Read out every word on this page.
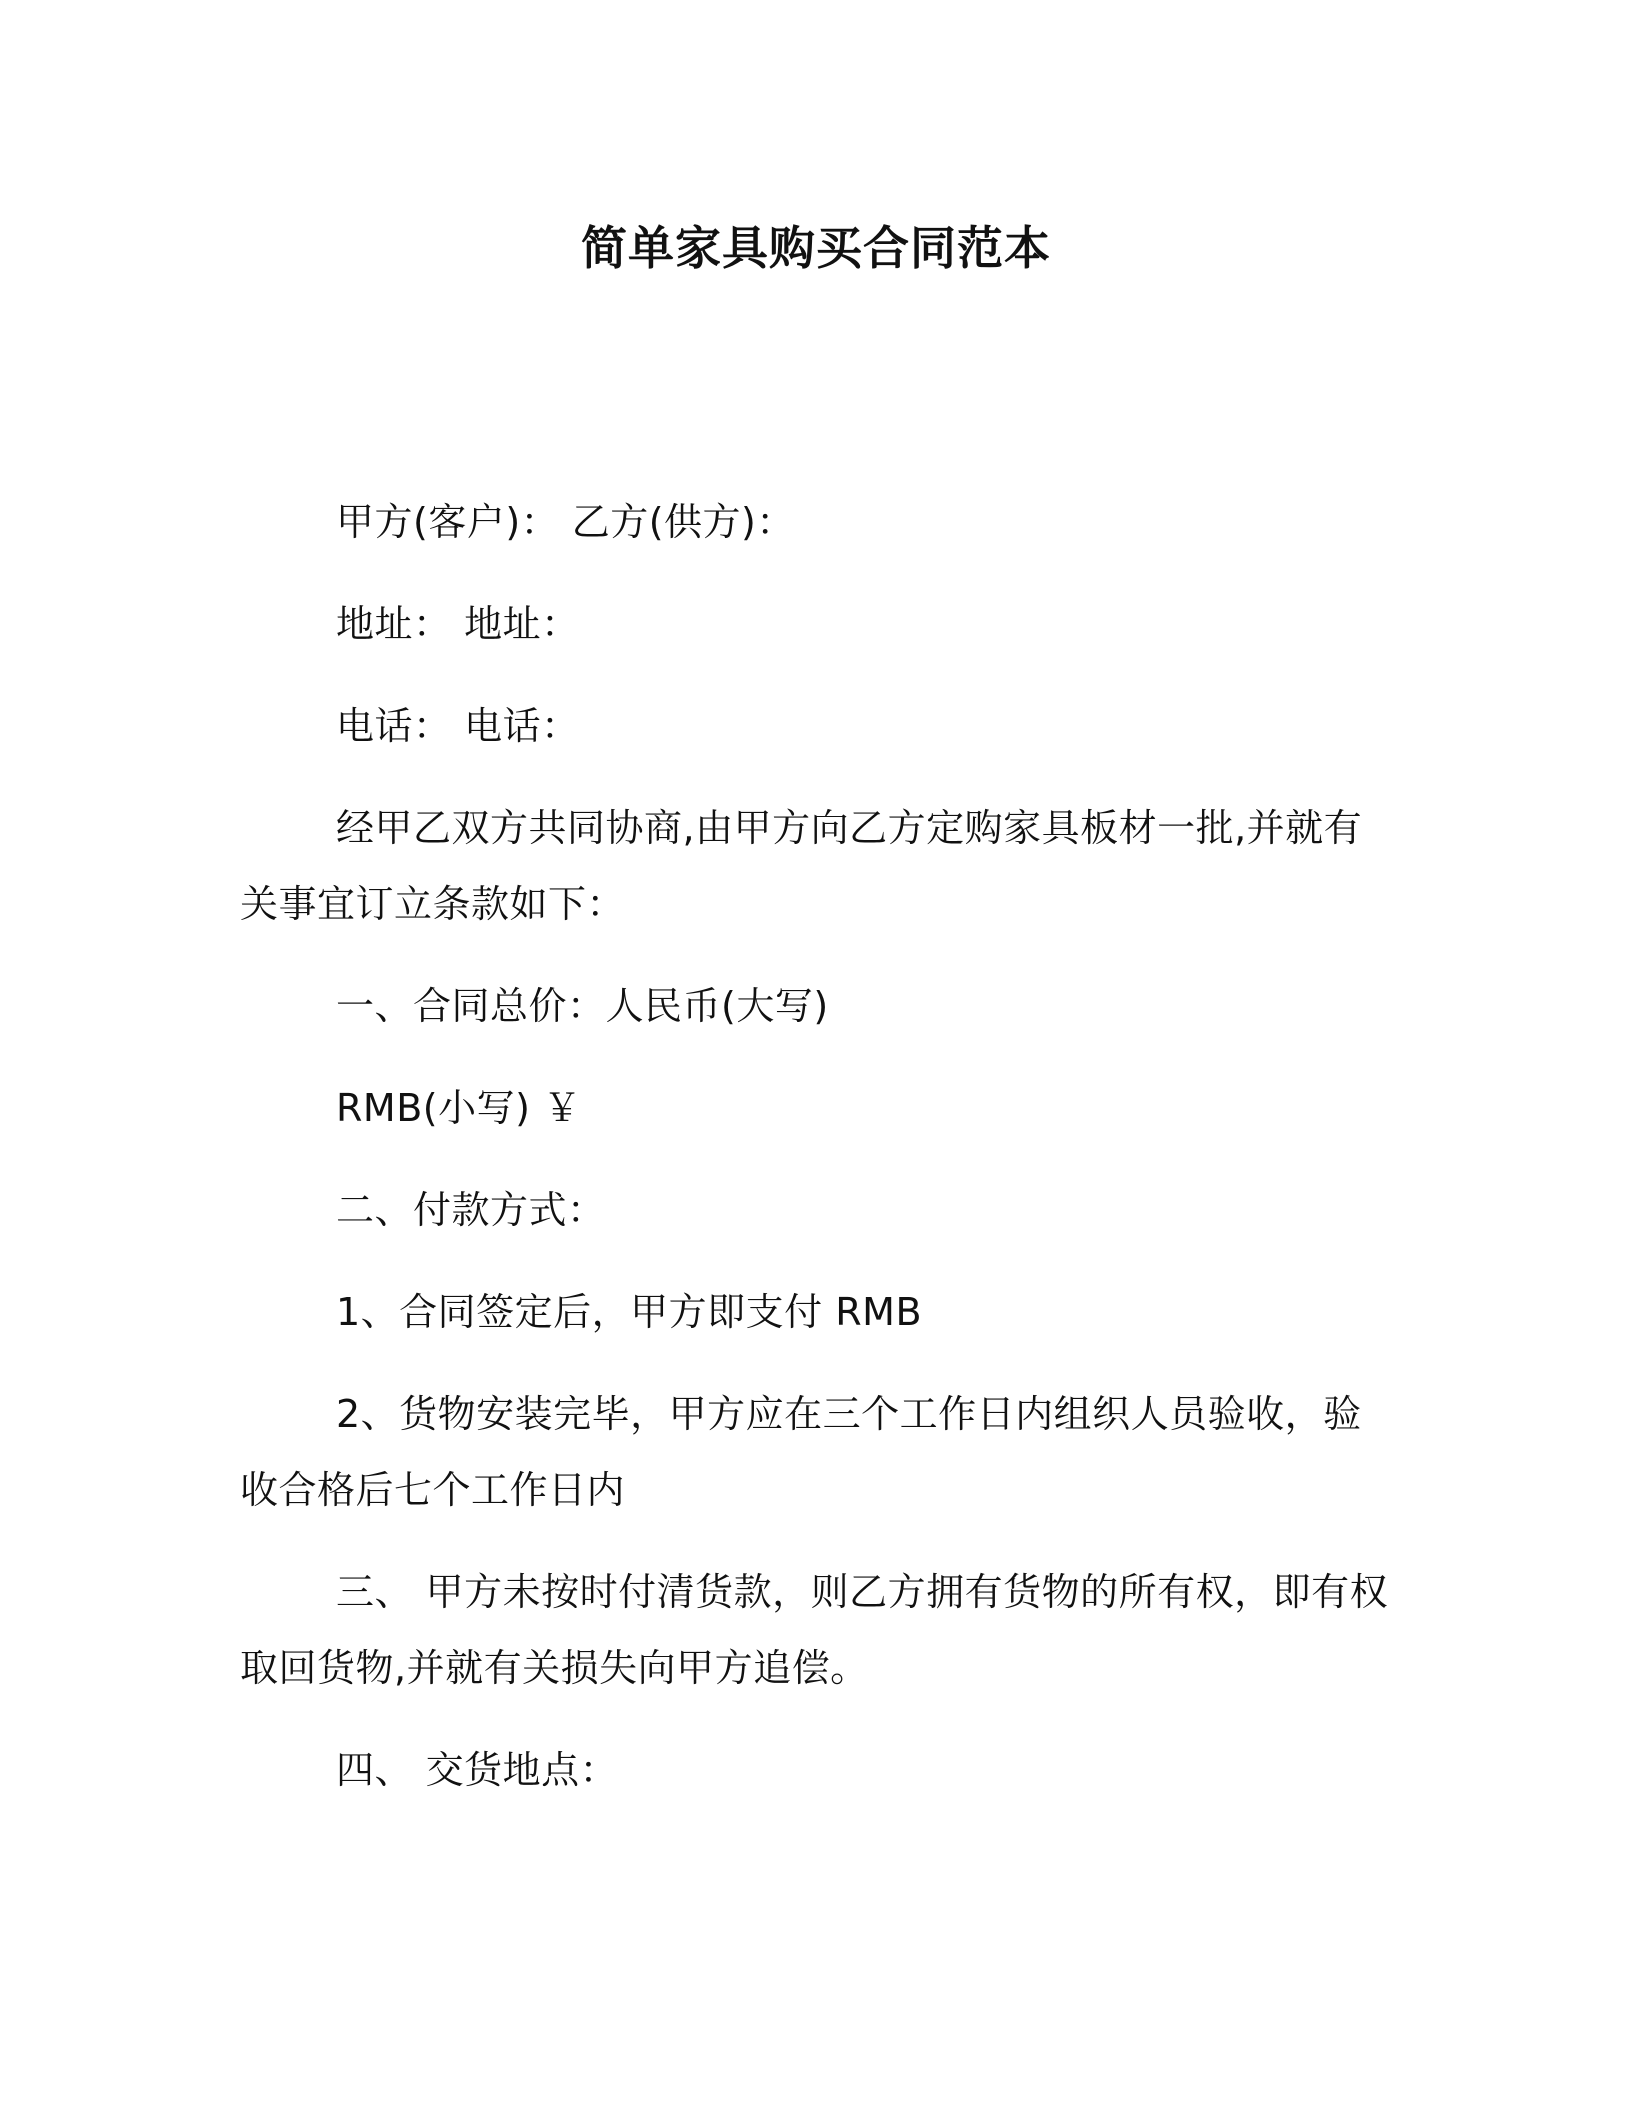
简单家具购买合同范本
甲方(客户)： 乙方(供方)：
地址： 地址：
电话： 电话：
经甲乙双方共同协商,由甲方向乙方定购家具板材一批,并就有关事宜订立条款如下：
一、合同总价：人民币(大写)
RMB(小写) ￥
二、付款方式：
1、合同签定后，甲方即支付 RMB
2、货物安装完毕，甲方应在三个工作日内组织人员验收，验收合格后七个工作日内
三、 甲方未按时付清货款，则乙方拥有货物的所有权，即有权取回货物,并就有关损失向甲方追偿。
四、 交货地点：
